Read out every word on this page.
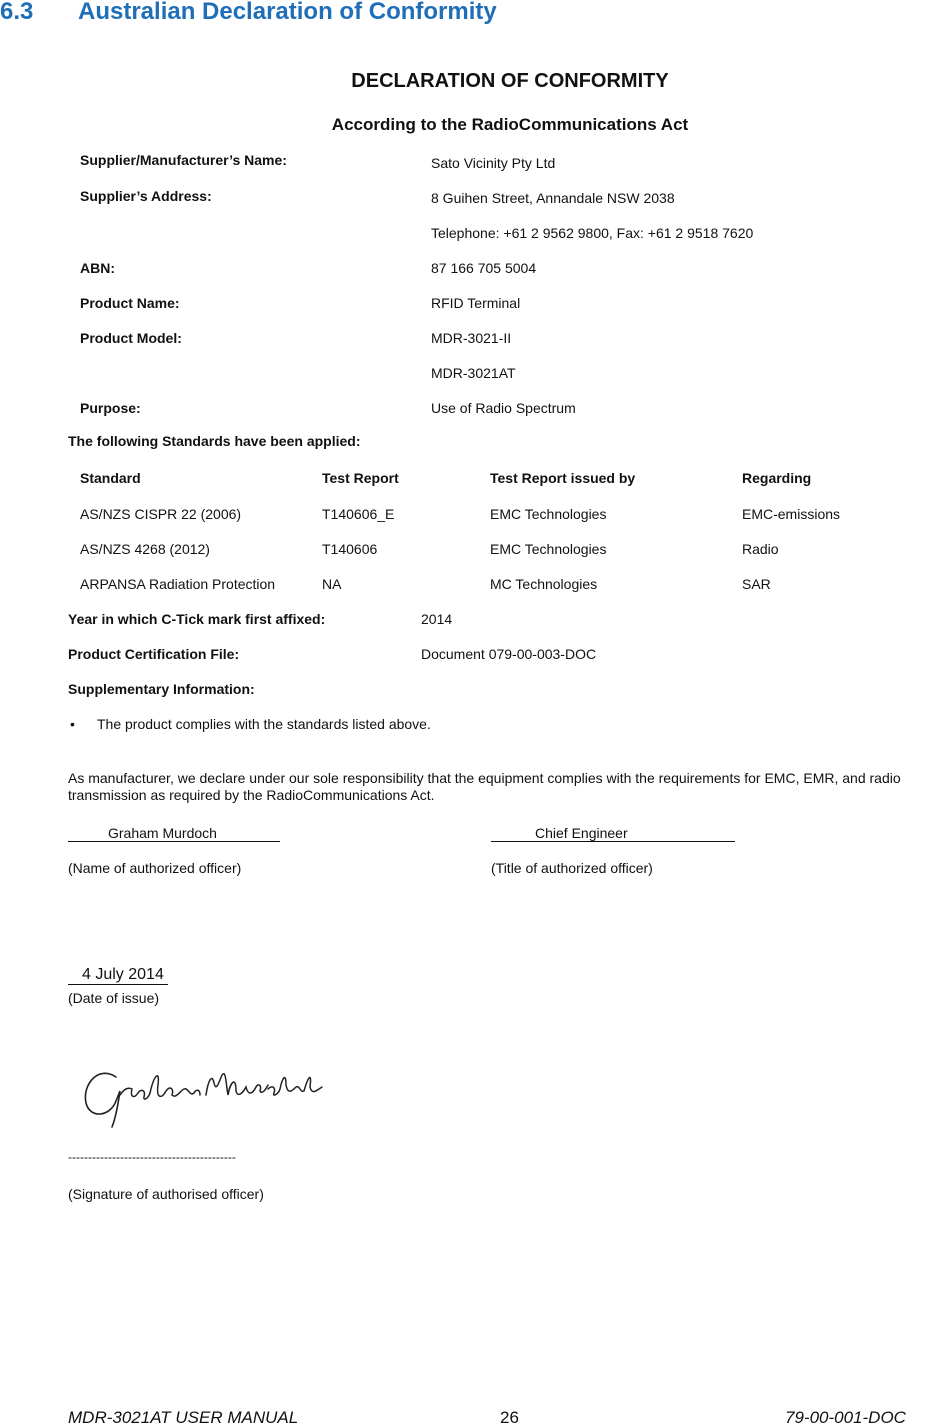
6.3 Australian Declaration of Conformity
DECLARATION OF CONFORMITY
According to the RadioCommunications Act
Supplier/Manufacturer’s Name:	Sato Vicinity Pty Ltd
Supplier’s Address:	8 Guihen Street, Annandale NSW 2038
Telephone: +61 2 9562 9800, Fax: +61 2 9518 7620
ABN:	87 166 705 5004
Product Name:	RFID Terminal
Product Model:	MDR-3021-II
MDR-3021AT
Purpose:	Use of Radio Spectrum
The following Standards have been applied:
Standard	Test Report	Test Report issued by	Regarding
AS/NZS CISPR 22 (2006)	T140606_E	EMC Technologies	EMC-emissions
AS/NZS 4268 (2012)	T140606	EMC Technologies	Radio
ARPANSA Radiation Protection	NA	MC Technologies	SAR
Year in which C-Tick mark first affixed:	2014
Product Certification File:	Document 079-00-003-DOC
Supplementary Information:
• The product complies with the standards listed above.
As manufacturer, we declare under our sole responsibility that the equipment complies with the requirements for EMC, EMR, and radio transmission as required by the RadioCommunications Act.
Graham Murdoch
(Name of authorized officer)
Chief Engineer
(Title of authorized officer)
4 July 2014
(Date of issue)
------------------------------------------
(Signature of authorised officer)
MDR-3021AT USER MANUAL	26	79-00-001-DOC
